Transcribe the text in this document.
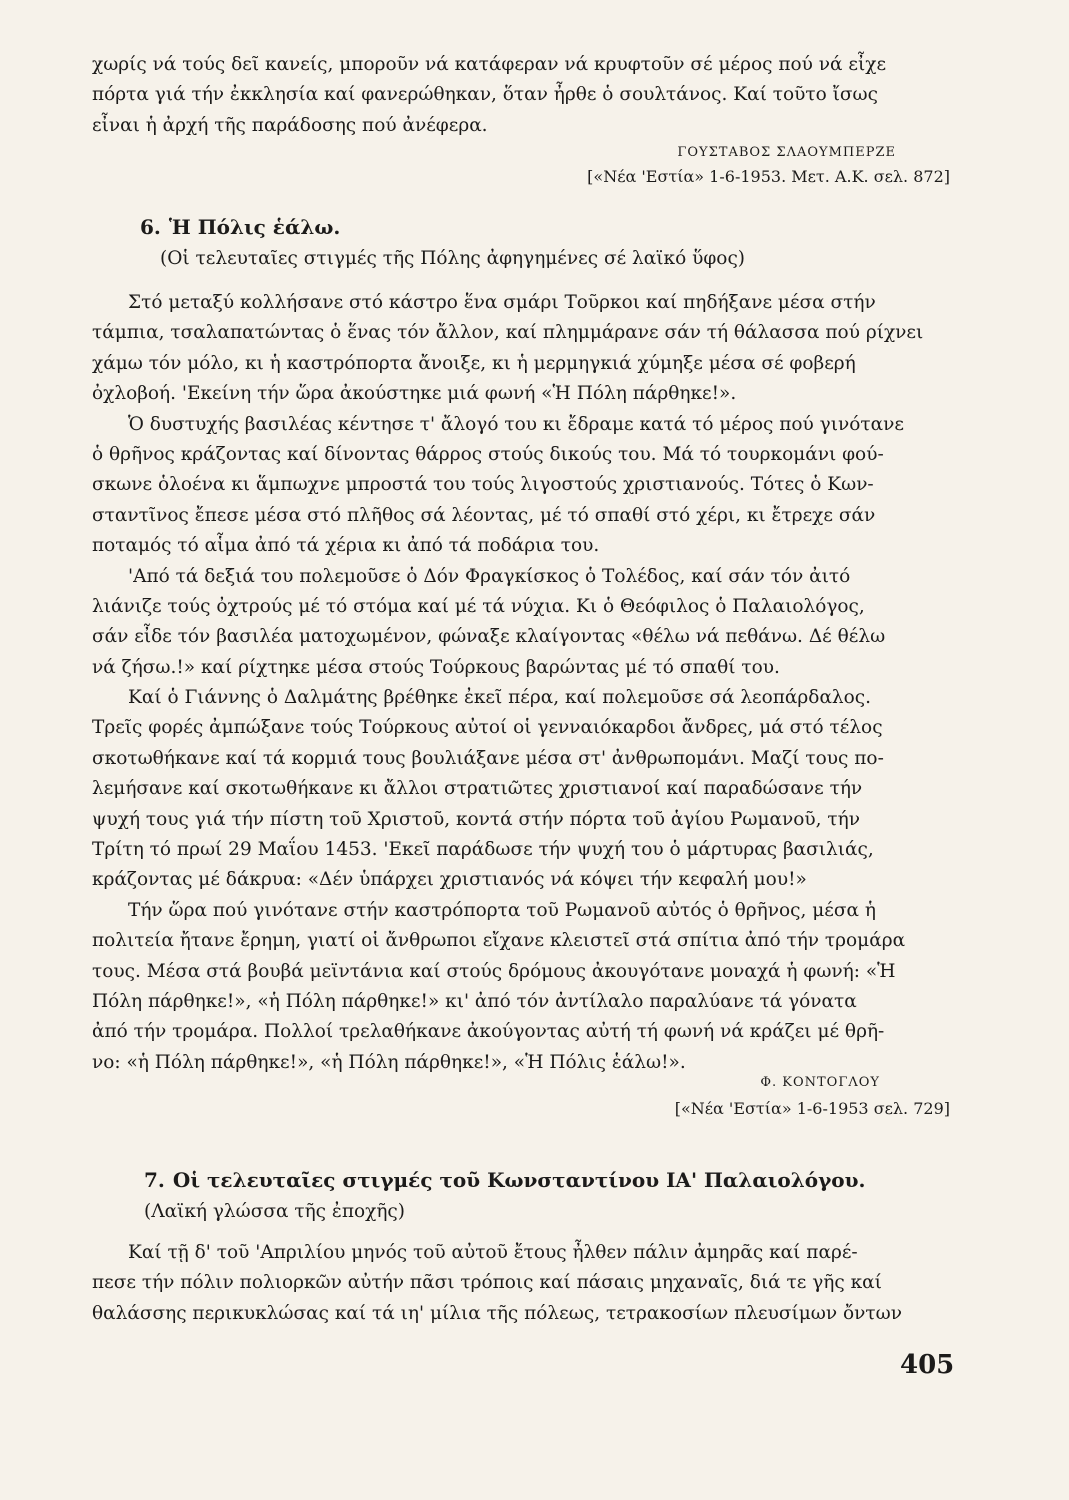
χωρίς νά τούς δεῖ κανείς, μποροῦν νά κατάφεραν νά κρυφτοῦν σέ μέρος πού νά εἶχε
πόρτα γιά τήν ἐκκλησία καί φανερώθηκαν, ὅταν ἦρθε ὁ σουλτάνος. Καί τοῦτο ἴσως
εἶναι ἡ ἀρχή τῆς παράδοσης πού ἀνέφερα.
ΓΟΥΣΤΑΒΟΣ ΣΛΑΟΥΜΠΕΡΖΕ
[«Νέα 'Εστία» 1-6-1953. Μετ. Α.Κ. σελ. 872]
6. Ἡ Πόλις ἑάλω.
(Οἱ τελευταῖες στιγμές τῆς Πόλης ἀφηγημένες σέ λαϊκό ὕφος)
Στό μεταξύ κολλήσανε στό κάστρο ἕνα σμάρι Τοῦρκοι καί πηδήξανε μέσα στήν
τάμπια, τσαλαπατώντας ὁ ἕνας τόν ἄλλον, καί πλημμάρανε σάν τή θάλασσα πού ρίχνει
χάμω τόν μόλο, κι ἡ καστρόπορτα ἄνοιξε, κι ἡ μερμηγκιά χύμηξε μέσα σέ φοβερή
ὀχλοβοή. 'Εκείνη τήν ὥρα ἀκούστηκε μιά φωνή «Ἡ Πόλη πάρθηκε!».
Ὁ δυστυχής βασιλέας κέντησε τ' ἄλογό του κι ἔδραμε κατά τό μέρος πού γινότανε
ὁ θρῆνος κράζοντας καί δίνοντας θάρρος στούς δικούς του. Μά τό τουρκομάνι φού-
σκωνε ὁλοένα κι ἅμπωχνε μπροστά του τούς λιγοστούς χριστιανούς. Τότες ὁ Κων-
σταντῖνος ἔπεσε μέσα στό πλῆθος σά λέοντας, μέ τό σπαθί στό χέρι, κι ἔτρεχε σάν
ποταμός τό αἷμα ἀπό τά χέρια κι ἀπό τά ποδάρια του.
'Από τά δεξιά του πολεμοῦσε ὁ Δόν Φραγκίσκος ὁ Τολέδος, καί σάν τόν ἀιτό
λιάνιζε τούς ὀχτρούς μέ τό στόμα καί μέ τά νύχια. Κι ὁ Θεόφιλος ὁ Παλαιολόγος,
σάν εἶδε τόν βασιλέα ματοχωμένον, φώναξε κλαίγοντας «θέλω νά πεθάνω. Δέ θέλω
νά ζήσω.!» καί ρίχτηκε μέσα στούς Τούρκους βαρώντας μέ τό σπαθί του.
Καί ὁ Γιάννης ὁ Δαλμάτης βρέθηκε ἐκεῖ πέρα, καί πολεμοῦσε σά λεοπάρδαλος.
Τρεῖς φορές ἀμπώξανε τούς Τούρκους αὐτοί οἱ γενναιόκαρδοι ἄνδρες, μά στό τέλος
σκοτωθήκανε καί τά κορμιά τους βουλιάξανε μέσα στ' ἀνθρωπομάνι. Μαζί τους πο-
λεμήσανε καί σκοτωθήκανε κι ἄλλοι στρατιῶτες χριστιανοί καί παραδώσανε τήν
ψυχή τους γιά τήν πίστη τοῦ Χριστοῦ, κοντά στήν πόρτα τοῦ ἁγίου Ρωμανοῦ, τήν
Τρίτη τό πρωί 29 Μαΐου 1453. 'Εκεῖ παράδωσε τήν ψυχή του ὁ μάρτυρας βασιλιάς,
κράζοντας μέ δάκρυα: «Δέν ὑπάρχει χριστιανός νά κόψει τήν κεφαλή μου!»
Τήν ὥρα πού γινότανε στήν καστρόπορτα τοῦ Ρωμανοῦ αὐτός ὁ θρῆνος, μέσα ἡ
πολιτεία ἤτανε ἔρημη, γιατί οἱ ἄνθρωποι εἴχανε κλειστεῖ στά σπίτια ἀπό τήν τρομάρα
τους. Μέσα στά βουβά μεϊντάνια καί στούς δρόμους ἀκουγότανε μοναχά ἡ φωνή: «Ἡ
Πόλη πάρθηκε!», «ἡ Πόλη πάρθηκε!» κι' ἀπό τόν ἀντίλαλο παραλύανε τά γόνατα
ἀπό τήν τρομάρα. Πολλοί τρελαθήκανε ἀκούγοντας αὐτή τή φωνή νά κράζει μέ θρῆ-
νο: «ἡ Πόλη πάρθηκε!», «ἡ Πόλη πάρθηκε!», «Ἡ Πόλις ἑάλω!».
Φ. ΚΟΝΤΟΓΛΟΥ
[«Νέα 'Εστία» 1-6-1953 σελ. 729]
7. Οἱ τελευταῖες στιγμές τοῦ Κωνσταντίνου ΙΑ' Παλαιολόγου.
(Λαϊκή γλώσσα τῆς ἐποχῆς)
Καί τῇ δ' τοῦ 'Απριλίου μηνός τοῦ αὐτοῦ ἔτους ἦλθεν πάλιν ἀμηρᾶς καί παρέ-
πεσε τήν πόλιν πολιορκῶν αὐτήν πᾶσι τρόποις καί πάσαις μηχαναῖς, διά τε γῆς καί
θαλάσσης περικυκλώσας καί τά ιη' μίλια τῆς πόλεως, τετρακοσίων πλευσίμων ὄντων
405
